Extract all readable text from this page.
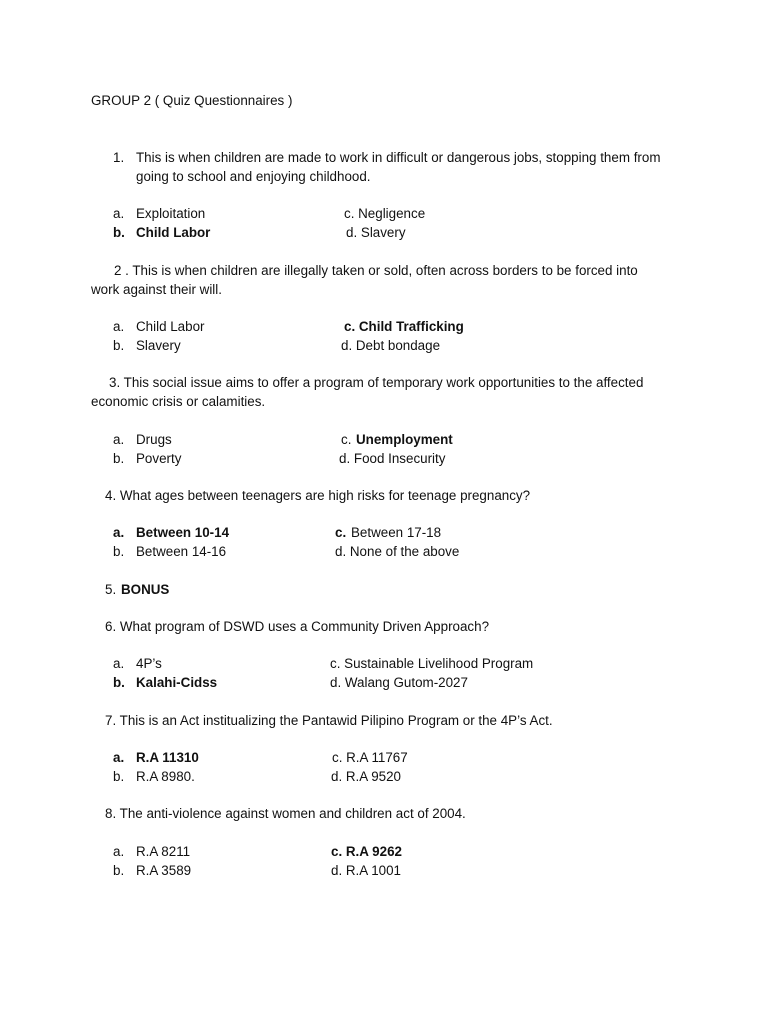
GROUP 2 ( Quiz Questionnaires )
1. This is when children are made to work in difficult or dangerous jobs, stopping them from
going to school and enjoying childhood.
a. Exploitation
b. Child Labor
c. Negligence
d. Slavery
2 . This is when children are illegally taken or sold, often across borders to be forced into
work against their will.
a. Child Labor
b. Slavery
c. Child Trafficking
d. Debt bondage
3. This social issue aims to offer a program of temporary work opportunities to the affected
economic crisis or calamities.
a. Drugs
b. Poverty
c. Unemployment
d. Food Insecurity
4. What ages between teenagers are high risks for teenage pregnancy?
a. Between 10-14
b. Between 14-16
c. Between 17-18
d. None of the above
5. BONUS
6. What program of DSWD uses a Community Driven Approach?
a. 4P’s
b. Kalahi-Cidss
c. Sustainable Livelihood Program
d. Walang Gutom-2027
7. This is an Act institualizing the Pantawid Pilipino Program or the 4P’s Act.
a. R.A 11310
b. R.A 8980.
c. R.A 11767
d. R.A 9520
8. The anti-violence against women and children act of 2004.
a. R.A 8211
b. R.A 3589
c. R.A 9262
d. R.A 1001
